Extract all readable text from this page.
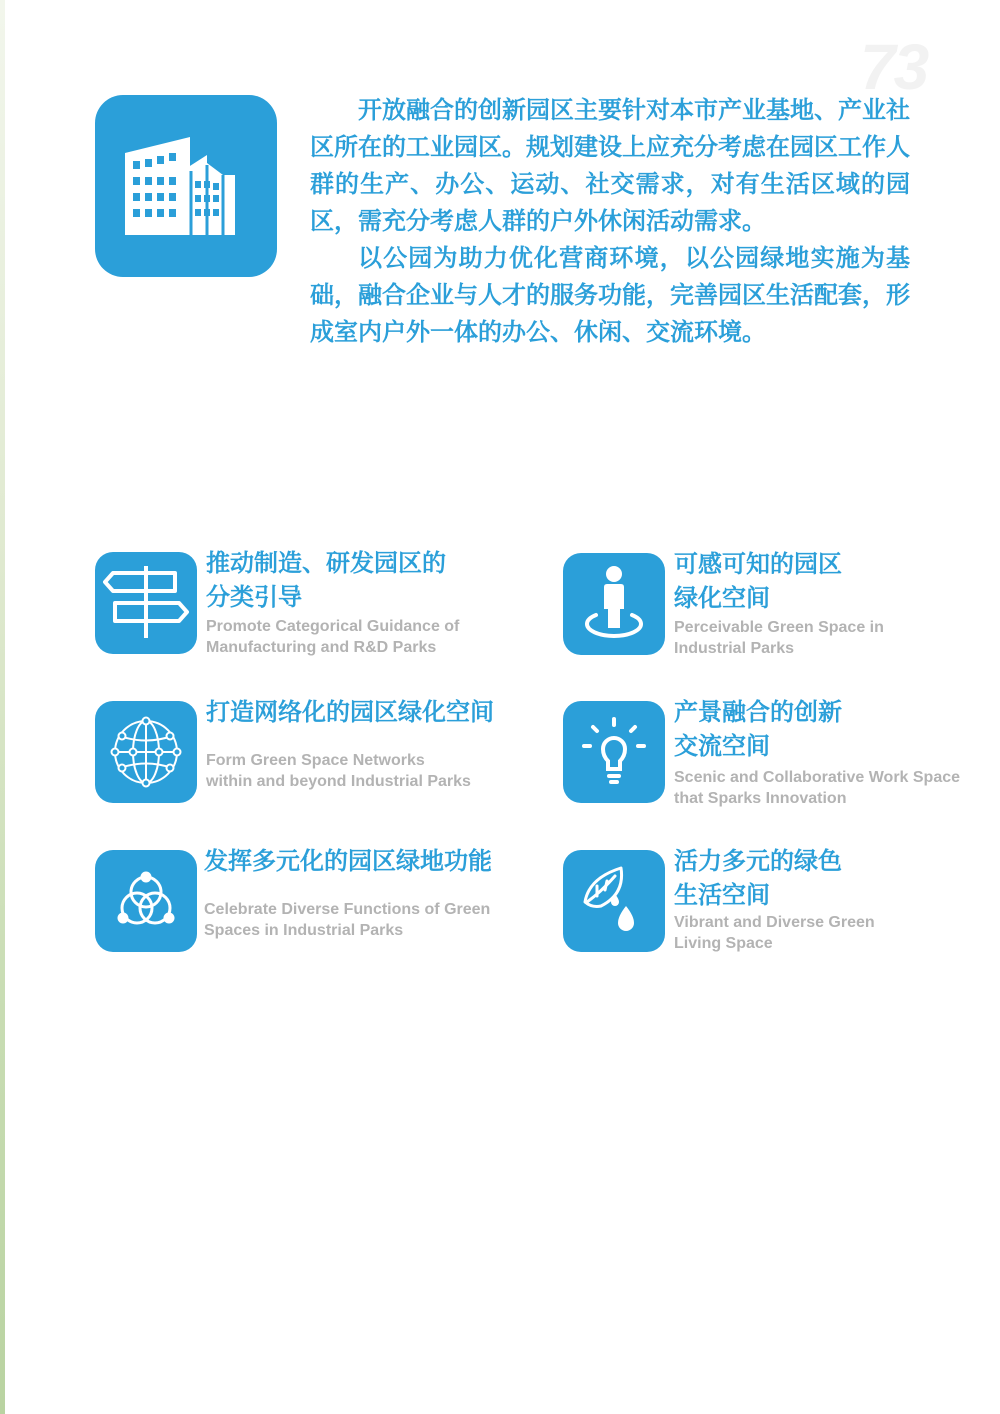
73

开放融合的创新园区主要针对本市产业基地、产业社区所在的工业园区。规划建设上应充分考虑在园区工作人群的生产、办公、运动、社交需求，对有生活区域的园区，需充分考虑人群的户外休闲活动需求。

以公园为助力优化营商环境，以公园绿地实施为基础，融合企业与人才的服务功能，完善园区生活配套，形成室内户外一体的办公、休闲、交流环境。

推动制造、研发园区的
分类引导
Promote Categorical Guidance of
Manufacturing and R&D Parks
可感可知的园区
绿化空间
Perceivable Green Space in
Industrial Parks
打造网络化的园区绿化空间
Form Green Space Networks
within and beyond Industrial Parks
产景融合的创新
交流空间
Scenic and Collaborative Work Space
that Sparks Innovation
发挥多元化的园区绿地功能
Celebrate Diverse Functions of Green
Spaces in Industrial Parks
活力多元的绿色
生活空间
Vibrant and Diverse Green
Living Space
